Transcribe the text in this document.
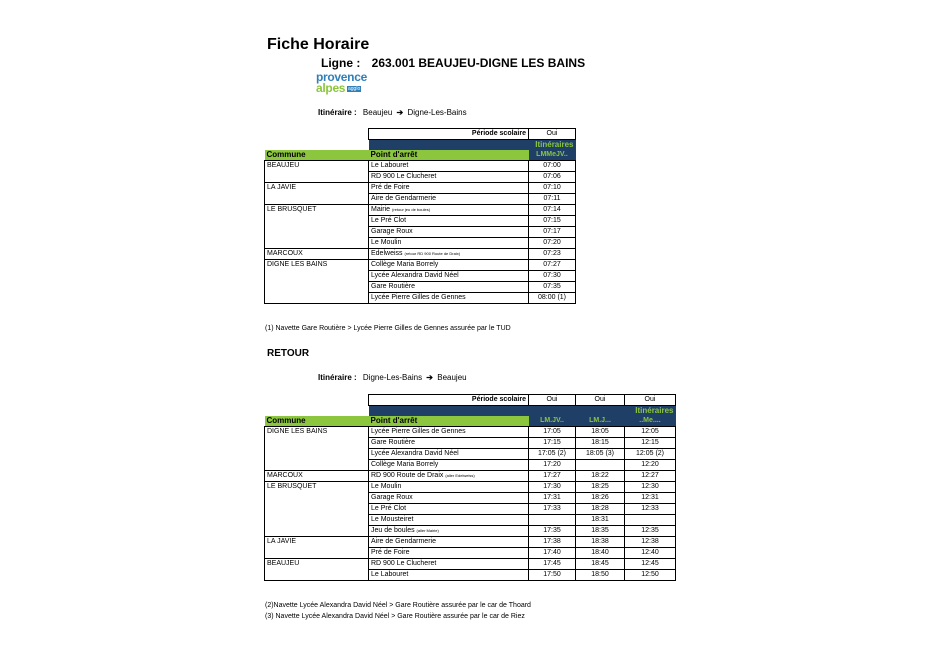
Fiche Horaire
Ligne : 263.001 BEAUJEU-DIGNE LES BAINS
provence
alpes agglo
Itinéraire : Beaujeu ➔ Digne-Les-Bains
	Période scolaire	Oui
	Itinéraires	
Commune	Point d'arrêt	LMMeJV..
BEAUJEU	Le Labouret	07:00
	RD 900 Le Clucheret	07:06
LA JAVIE	Pré de Foire	07:10
	Aire de Gendarmerie	07:11
LE BRUSQUET	Mairie (retour jeu de boules)	07:14
	Le Pré Clot	07:15
	Garage Roux	07:17
	Le Moulin	07:20
MARCOUX	Edelweiss (retour RD 900 Route de Draix)	07:23
DIGNE LES BAINS	Collège Maria Borrely	07:27
	Lycée Alexandra David Néel	07:30
	Gare Routière	07:35
	Lycée Pierre Gilles de Gennes	08:00 (1)
(1) Navette Gare Routière > Lycée Pierre Gilles de Gennes assurée par le TUD
RETOUR
Itinéraire : Digne-Les-Bains ➔ Beaujeu
	Période scolaire	Oui	Oui	Oui
	Itinéraires			
Commune	Point d'arrêt	LM.JV..	LM.J...	..Me....
DIGNE LES BAINS	Lycée Pierre Gilles de Gennes	17:05	18:05	12:05
	Gare Routière	17:15	18:15	12:15
	Lycée Alexandra David Néel	17:05 (2)	18:05 (3)	12:05 (2)
	Collège Maria Borrely	17:20		12:20
MARCOUX	RD 900 Route de Draix (aller Edelweiss)	17:27	18:22	12:27
LE BRUSQUET	Le Moulin	17:30	18:25	12:30
	Garage Roux	17:31	18:26	12:31
	Le Pré Clot	17:33	18:28	12:33
	Le Mousteiret		18:31	
	Jeu de boules (aller Mairie)	17:35	18:35	12:35
LA JAVIE	Aire de Gendarmerie	17:38	18:38	12:38
	Pré de Foire	17:40	18:40	12:40
BEAUJEU	RD 900 Le Clucheret	17:45	18:45	12:45
	Le Labouret	17:50	18:50	12:50
(2)Navette Lycée Alexandra David Néel > Gare Routière assurée par le car de Thoard
(3) Navette Lycée Alexandra David Néel > Gare Routière assurée par le car de Riez
